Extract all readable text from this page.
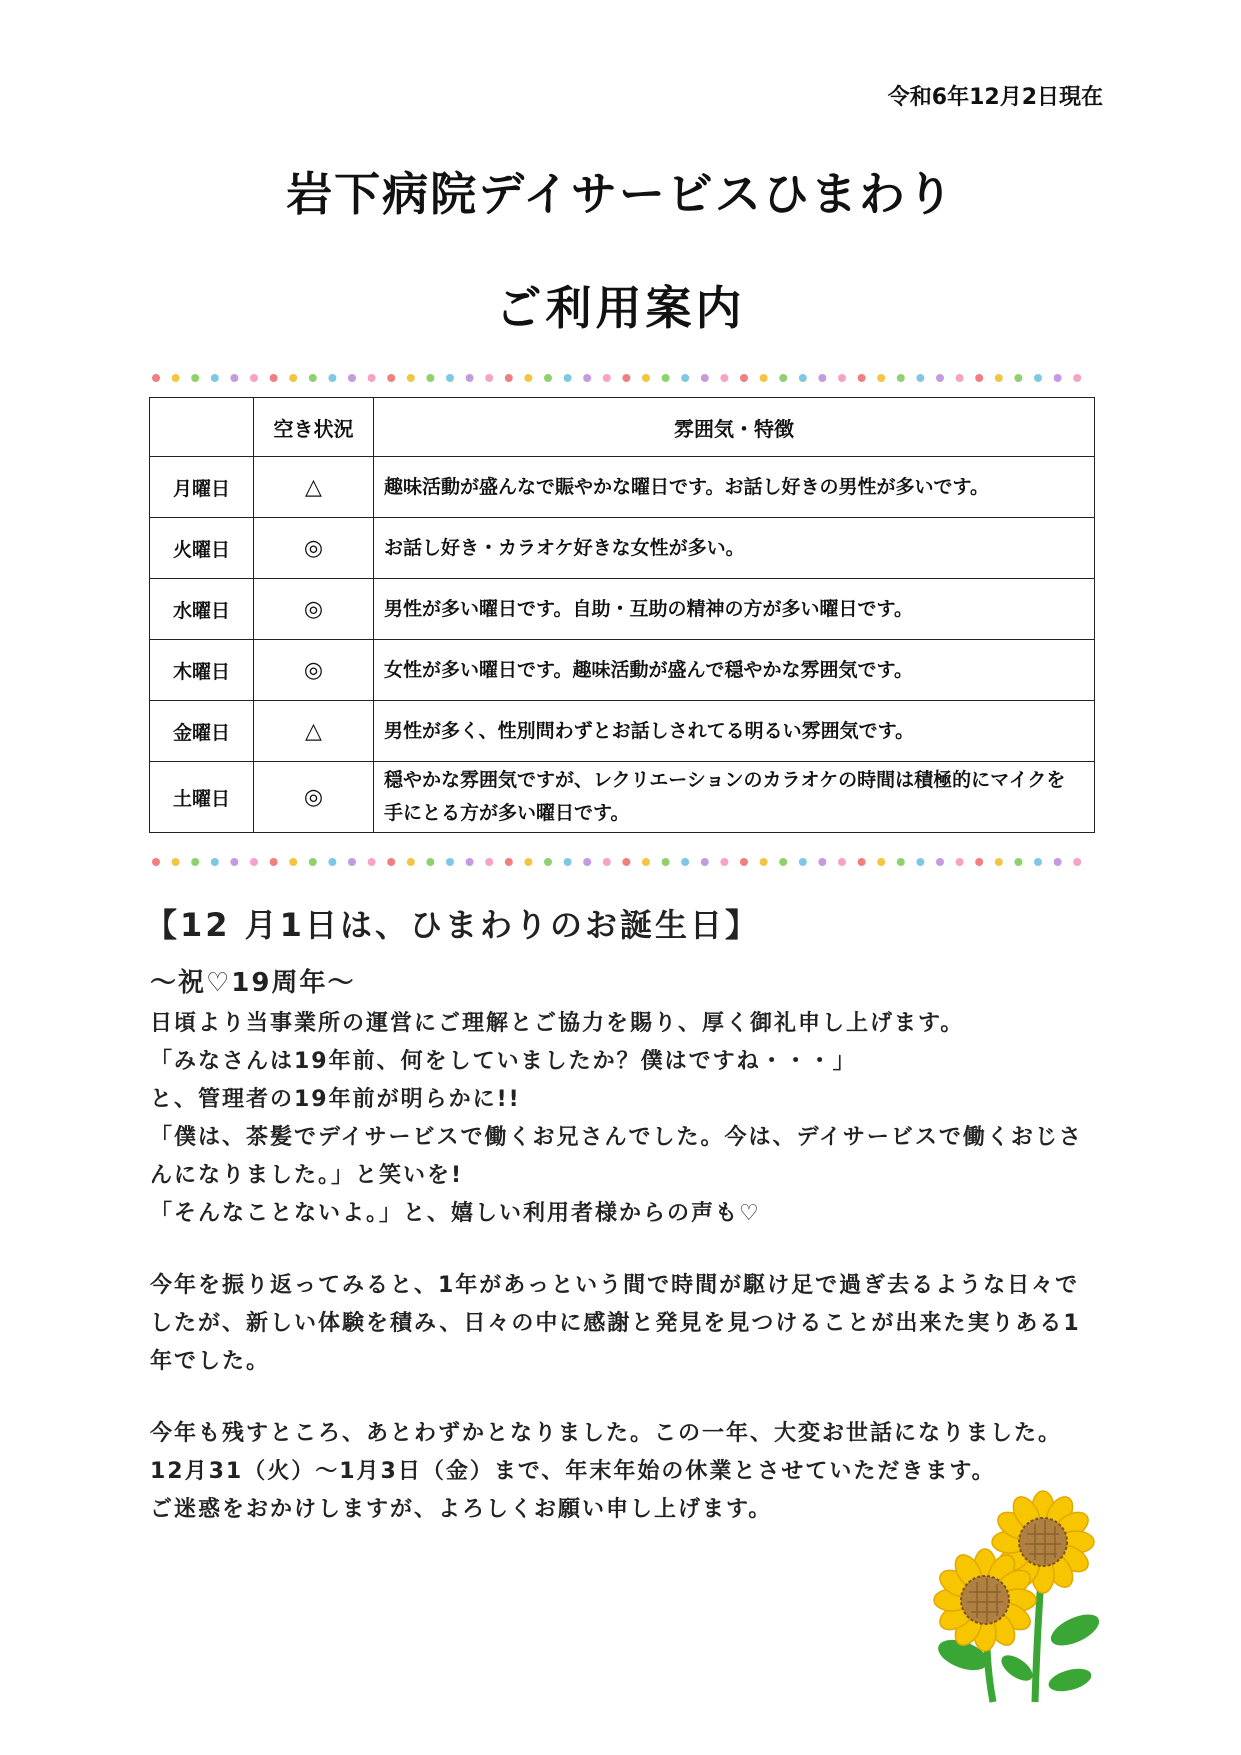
令和6年12月2日現在
岩下病院デイサービスひまわり
ご利用案内
	空き状況	雰囲気・特徴
月曜日	△	趣味活動が盛んなで賑やかな曜日です。お話し好きの男性が多いです。
火曜日	◎	お話し好き・カラオケ好きな女性が多い。
水曜日	◎	男性が多い曜日です。自助・互助の精神の方が多い曜日です。
木曜日	◎	女性が多い曜日です。趣味活動が盛んで穏やかな雰囲気です。
金曜日	△	男性が多く、性別問わずとお話しされてる明るい雰囲気です。
土曜日	◎	穏やかな雰囲気ですが、レクリエーションのカラオケの時間は積極的にマイクを手にとる方が多い曜日です。
【12 月1日は、ひまわりのお誕生日】
～祝♡19周年～

日頃より当事業所の運営にご理解とご協力を賜り、厚く御礼申し上げます。

「みなさんは19年前、何をしていましたか？僕はですね・・・」

と、管理者の19年前が明らかに!!

「僕は、茶髪でデイサービスで働くお兄さんでした。今は、デイサービスで働くおじさんになりました。」と笑いを!

「そんなことないよ。」と、嬉しい利用者様からの声も♡

今年を振り返ってみると、1年があっという間で時間が駆け足で過ぎ去るような日々でしたが、新しい体験を積み、日々の中に感謝と発見を見つけることが出来た実りある1年でした。

今年も残すところ、あとわずかとなりました。この一年、大変お世話になりました。

12月31（火）～1月3日（金）まで、年末年始の休業とさせていただきます。

ご迷惑をおかけしますが、よろしくお願い申し上げます。
